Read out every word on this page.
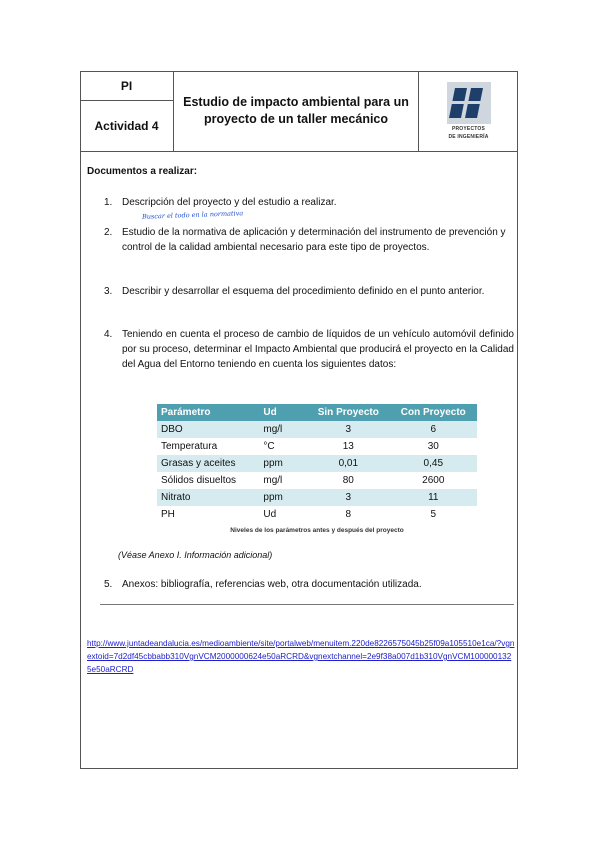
PI
Actividad 4
Estudio de impacto ambiental para un
proyecto de un taller mecánico
PROYECTOS
DE INGENIERÍA
Documentos a realizar:
1. Descripción del proyecto y del estudio a realizar.
Buscar el todo en la normativa
2. Estudio de la normativa de aplicación y determinación del instrumento de prevención y control de la calidad ambiental necesario para este tipo de proyectos.
3. Describir y desarrollar el esquema del procedimiento definido en el punto anterior.
4. Teniendo en cuenta el proceso de cambio de líquidos de un vehículo automóvil definido por su proceso, determinar el Impacto Ambiental que producirá el proyecto en la Calidad del Agua del Entorno teniendo en cuenta los siguientes datos:
Parámetro	Ud	Sin Proyecto	Con Proyecto
DBO	mg/l	3	6
Temperatura	°C	13	30
Grasas y aceites	ppm	0,01	0,45
Sólidos disueltos	mg/l	80	2600
Nitrato	ppm	3	11
PH	Ud	8	5
Niveles de los parámetros antes y después del proyecto
(Véase Anexo I. Información adicional)
5. Anexos: bibliografía, referencias web, otra documentación utilizada.
http://www.juntadeandalucia.es/medioambiente/site/portalweb/menuitem.220de8226575045b25f09a105510e1ca/?vgnextoid=7d2df45cbbabb310VgnVCM2000000624e50aRCRD&vgnextchannel=2e9f38a007d1b310VgnVCM1000001325e50aRCRD
